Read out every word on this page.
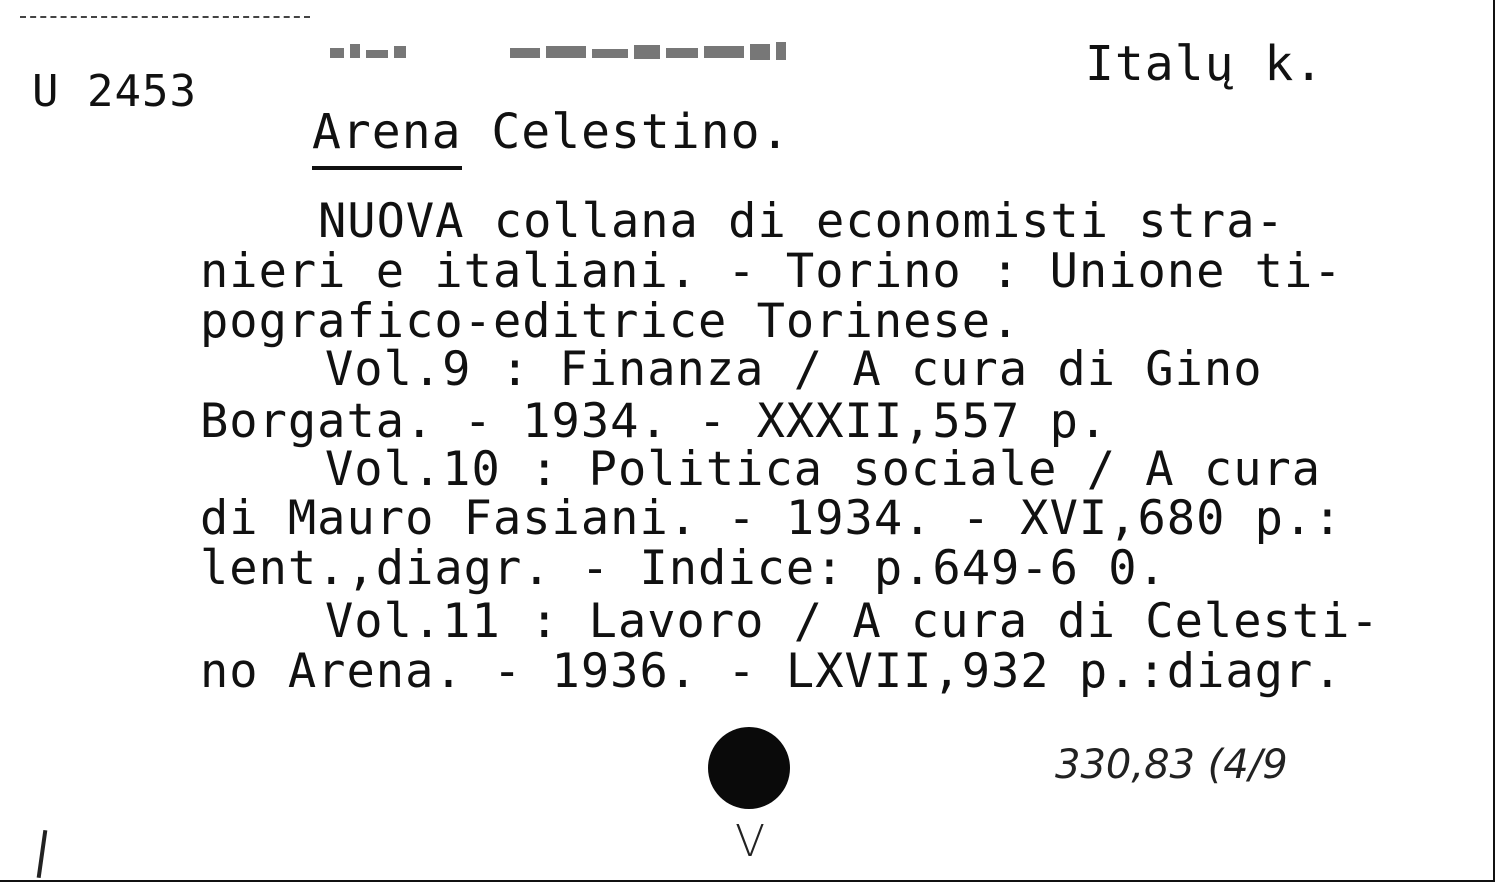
U 2453	Italų k.
Arena Celestino.
NUOVA collana di economisti stra-
nieri e italiani. - Torino : Unione ti-
pografico-editrice Torinese.
Vol.9 : Finanza / A cura di Gino
Borgata. - 1934. - XXXII,557 p.
Vol.10 : Politica sociale / A cura
di Mauro Fasiani. - 1934. - XVI,680 p.:
lent.,diagr. - Indice: p.649-6 0.
Vol.11 : Lavoro / A cura di Celesti-
no Arena. - 1936. - LXVII,932 p.:diagr.
330,83 (4/9
V
